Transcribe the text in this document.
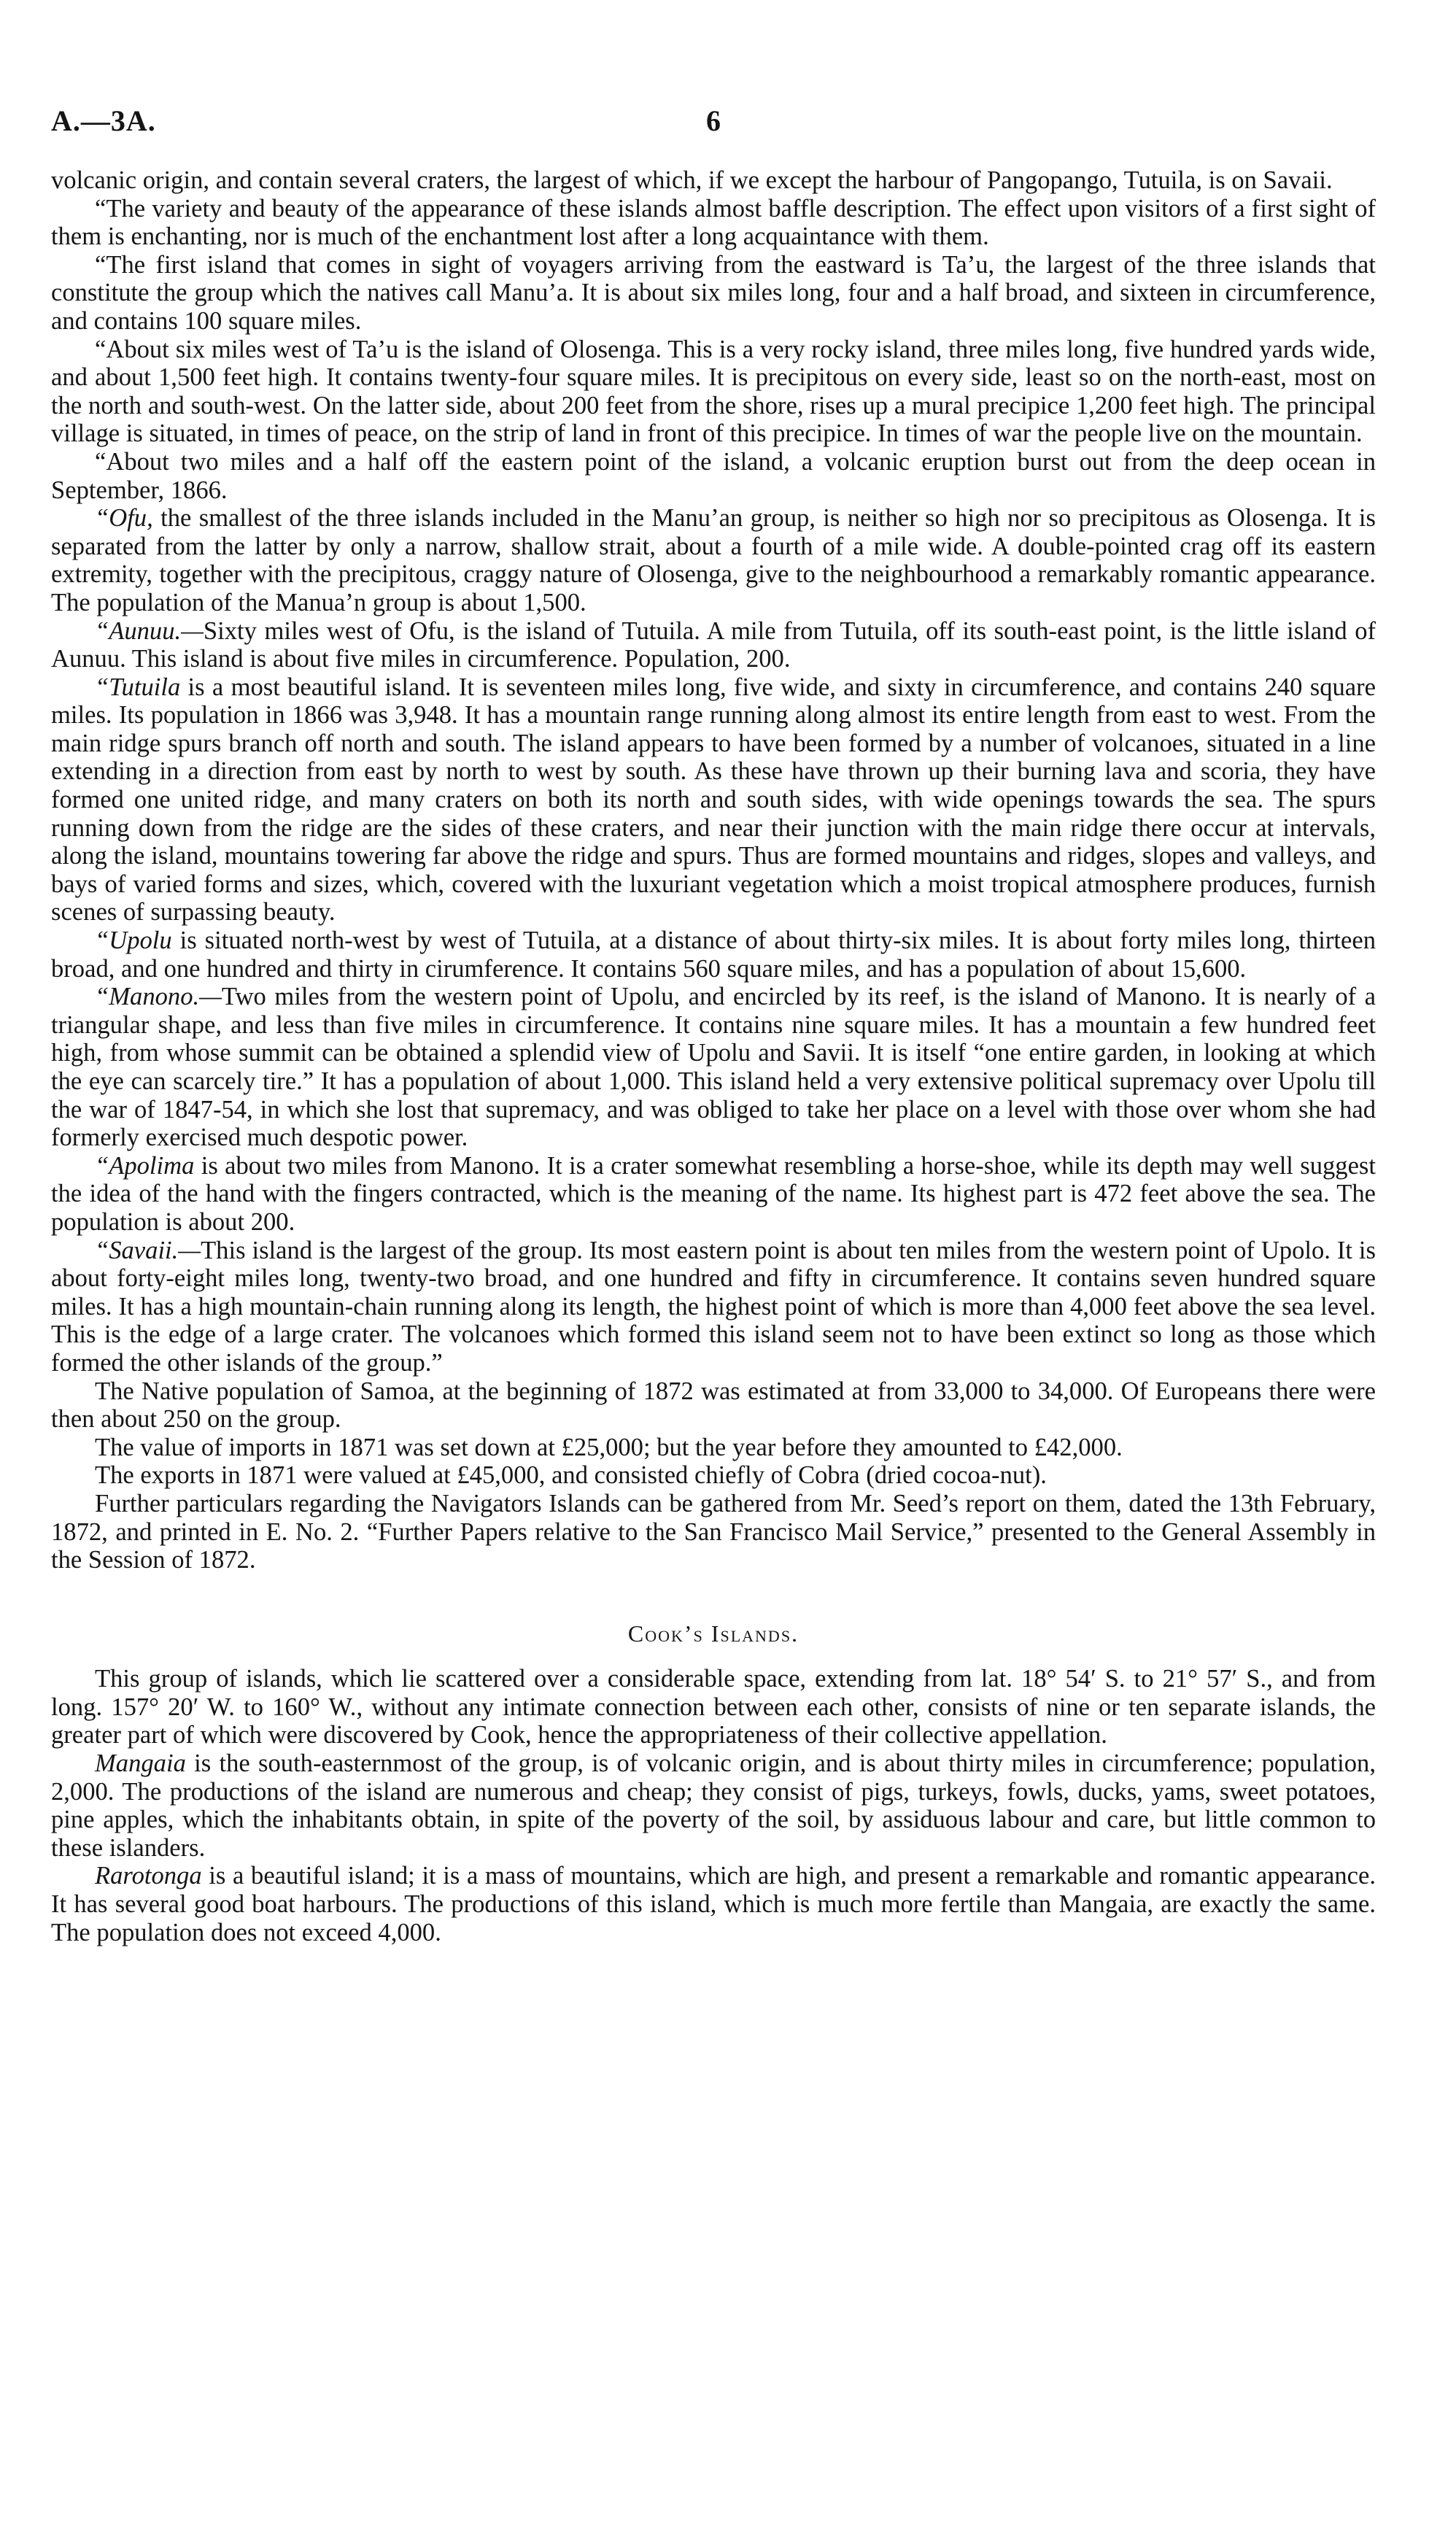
6
A.—3A.

volcanic origin, and contain several craters, the largest of which, if we except the harbour of Pangopango, Tutuila, is on Savaii.

“The variety and beauty of the appearance of these islands almost baffle description. The effect upon visitors of a first sight of them is enchanting, nor is much of the enchantment lost after a long acquaintance with them.

“The first island that comes in sight of voyagers arriving from the eastward is Ta’u, the largest of the three islands that constitute the group which the natives call Manu’a. It is about six miles long, four and a half broad, and sixteen in circumference, and contains 100 square miles.

“About six miles west of Ta’u is the island of Olosenga. This is a very rocky island, three miles long, five hundred yards wide, and about 1,500 feet high. It contains twenty-four square miles. It is precipitous on every side, least so on the north-east, most on the north and south-west. On the latter side, about 200 feet from the shore, rises up a mural precipice 1,200 feet high. The principal village is situated, in times of peace, on the strip of land in front of this precipice. In times of war the people live on the mountain.

“About two miles and a half off the eastern point of the island, a volcanic eruption burst out from the deep ocean in September, 1866.

“Ofu, the smallest of the three islands included in the Manu’an group, is neither so high nor so precipitous as Olosenga. It is separated from the latter by only a narrow, shallow strait, about a fourth of a mile wide. A double-pointed crag off its eastern extremity, together with the precipitous, craggy nature of Olosenga, give to the neighbourhood a remarkably romantic appearance. The population of the Manua’n group is about 1,500.

“Aunuu.—Sixty miles west of Ofu, is the island of Tutuila. A mile from Tutuila, off its south-east point, is the little island of Aunuu. This island is about five miles in circumference. Population, 200.

“Tutuila is a most beautiful island. It is seventeen miles long, five wide, and sixty in circumference, and contains 240 square miles. Its population in 1866 was 3,948. It has a mountain range running along almost its entire length from east to west. From the main ridge spurs branch off north and south. The island appears to have been formed by a number of volcanoes, situated in a line extending in a direction from east by north to west by south. As these have thrown up their burning lava and scoria, they have formed one united ridge, and many craters on both its north and south sides, with wide openings towards the sea. The spurs running down from the ridge are the sides of these craters, and near their junction with the main ridge there occur at intervals, along the island, mountains towering far above the ridge and spurs. Thus are formed mountains and ridges, slopes and valleys, and bays of varied forms and sizes, which, covered with the luxuriant vegetation which a moist tropical atmosphere produces, furnish scenes of surpassing beauty.

“Upolu is situated north-west by west of Tutuila, at a distance of about thirty-six miles. It is about forty miles long, thirteen broad, and one hundred and thirty in cirumference. It contains 560 square miles, and has a population of about 15,600.

“Manono.—Two miles from the western point of Upolu, and encircled by its reef, is the island of Manono. It is nearly of a triangular shape, and less than five miles in circumference. It contains nine square miles. It has a mountain a few hundred feet high, from whose summit can be obtained a splendid view of Upolu and Savii. It is itself “one entire garden, in looking at which the eye can scarcely tire.” It has a population of about 1,000. This island held a very extensive political supremacy over Upolu till the war of 1847-54, in which she lost that supremacy, and was obliged to take her place on a level with those over whom she had formerly exercised much despotic power.

“Apolima is about two miles from Manono. It is a crater somewhat resembling a horse-shoe, while its depth may well suggest the idea of the hand with the fingers contracted, which is the meaning of the name. Its highest part is 472 feet above the sea. The population is about 200.

“Savaii.—This island is the largest of the group. Its most eastern point is about ten miles from the western point of Upolo. It is about forty-eight miles long, twenty-two broad, and one hundred and fifty in circumference. It contains seven hundred square miles. It has a high mountain-chain running along its length, the highest point of which is more than 4,000 feet above the sea level. This is the edge of a large crater. The volcanoes which formed this island seem not to have been extinct so long as those which formed the other islands of the group.”

The Native population of Samoa, at the beginning of 1872 was estimated at from 33,000 to 34,000. Of Europeans there were then about 250 on the group.

The value of imports in 1871 was set down at £25,000; but the year before they amounted to £42,000.

The exports in 1871 were valued at £45,000, and consisted chiefly of Cobra (dried cocoa-nut).

Further particulars regarding the Navigators Islands can be gathered from Mr. Seed’s report on them, dated the 13th February, 1872, and printed in E. No. 2. “Further Papers relative to the San Francisco Mail Service,” presented to the General Assembly in the Session of 1872.

Cook’s Islands.

This group of islands, which lie scattered over a considerable space, extending from lat. 18° 54′ S. to 21° 57′ S., and from long. 157° 20′ W. to 160° W., without any intimate connection between each other, consists of nine or ten separate islands, the greater part of which were discovered by Cook, hence the appropriateness of their collective appellation.

Mangaia is the south-easternmost of the group, is of volcanic origin, and is about thirty miles in circumference; population, 2,000. The productions of the island are numerous and cheap; they consist of pigs, turkeys, fowls, ducks, yams, sweet potatoes, pine apples, which the inhabitants obtain, in spite of the poverty of the soil, by assiduous labour and care, but little common to these islanders.

Rarotonga is a beautiful island; it is a mass of mountains, which are high, and present a remarkable and romantic appearance. It has several good boat harbours. The productions of this island, which is much more fertile than Mangaia, are exactly the same. The population does not exceed 4,000.
